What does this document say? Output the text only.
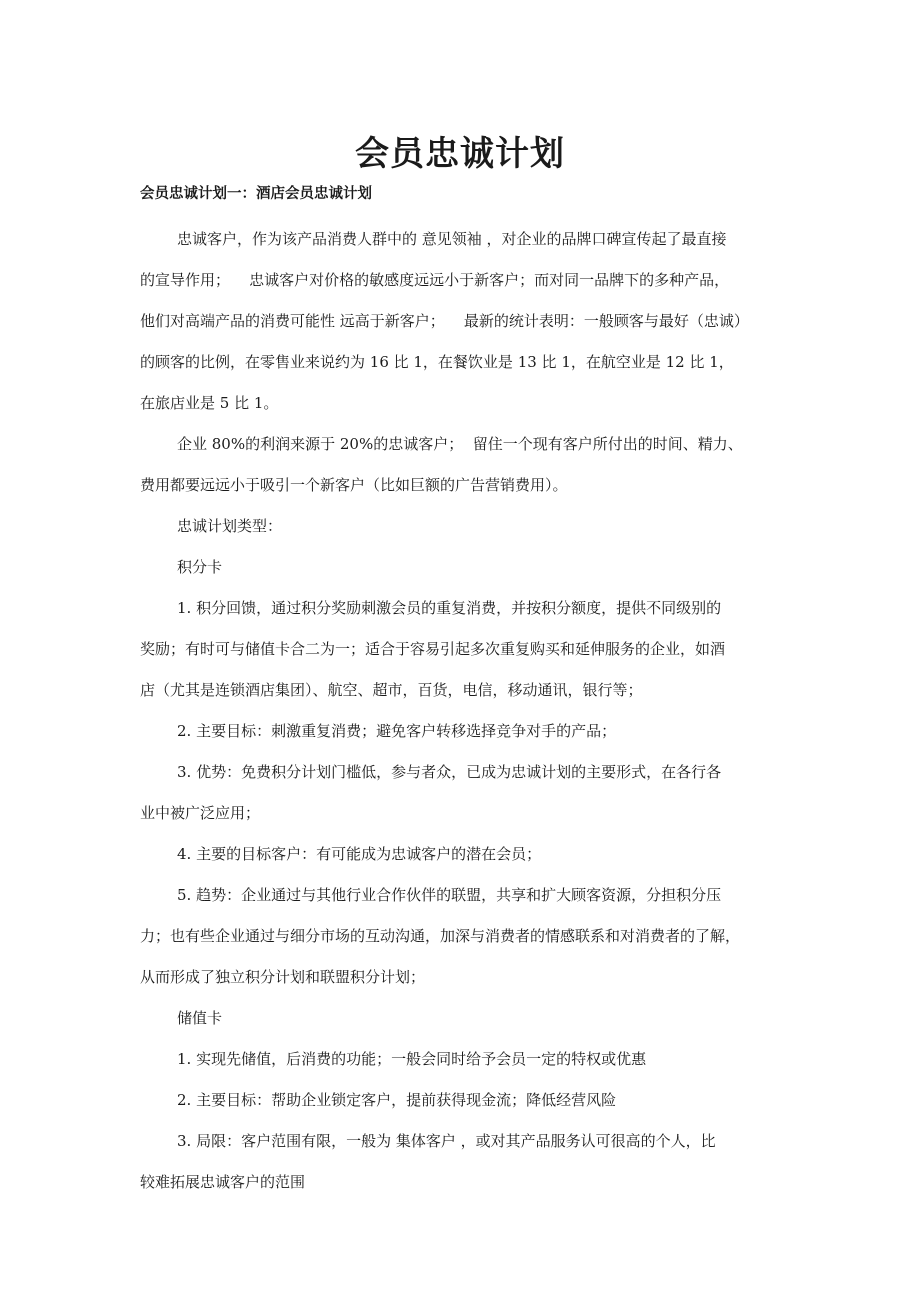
会员忠诚计划
会员忠诚计划一：酒店会员忠诚计划

忠诚客户，作为该产品消费人群中的 意见领袖 ，对企业的品牌口碑宣传起了最直接
的宣导作用；    忠诚客户对价格的敏感度远远小于新客户；而对同一品牌下的多种产品，
他们对高端产品的消费可能性 远高于新客户；    最新的统计表明：一般顾客与最好（忠诚）
的顾客的比例，在零售业来说约为 16 比 1，在餐饮业是 13 比 1，在航空业是 12 比 1，
在旅店业是 5 比 1。

企业 80%的利润来源于 20%的忠诚客户；  留住一个现有客户所付出的时间、精力、
费用都要远远小于吸引一个新客户（比如巨额的广告营销费用）。

忠诚计划类型：

积分卡

1. 积分回馈，通过积分奖励刺激会员的重复消费，并按积分额度，提供不同级别的
奖励；有时可与储值卡合二为一；适合于容易引起多次重复购买和延伸服务的企业，如酒
店（尤其是连锁酒店集团）、航空、超市，百货，电信，移动通讯，银行等；

2. 主要目标：刺激重复消费；避免客户转移选择竞争对手的产品；

3. 优势：免费积分计划门槛低，参与者众，已成为忠诚计划的主要形式，在各行各
业中被广泛应用；

4. 主要的目标客户：有可能成为忠诚客户的潜在会员；

5. 趋势：企业通过与其他行业合作伙伴的联盟，共享和扩大顾客资源，分担积分压
力；也有些企业通过与细分市场的互动沟通，加深与消费者的情感联系和对消费者的了解，
从而形成了独立积分计划和联盟积分计划；

储值卡

1. 实现先储值，后消费的功能；一般会同时给予会员一定的特权或优惠

2. 主要目标：帮助企业锁定客户，提前获得现金流；降低经营风险

3. 局限：客户范围有限，一般为 集体客户 ，或对其产品服务认可很高的个人，比
较难拓展忠诚客户的范围
